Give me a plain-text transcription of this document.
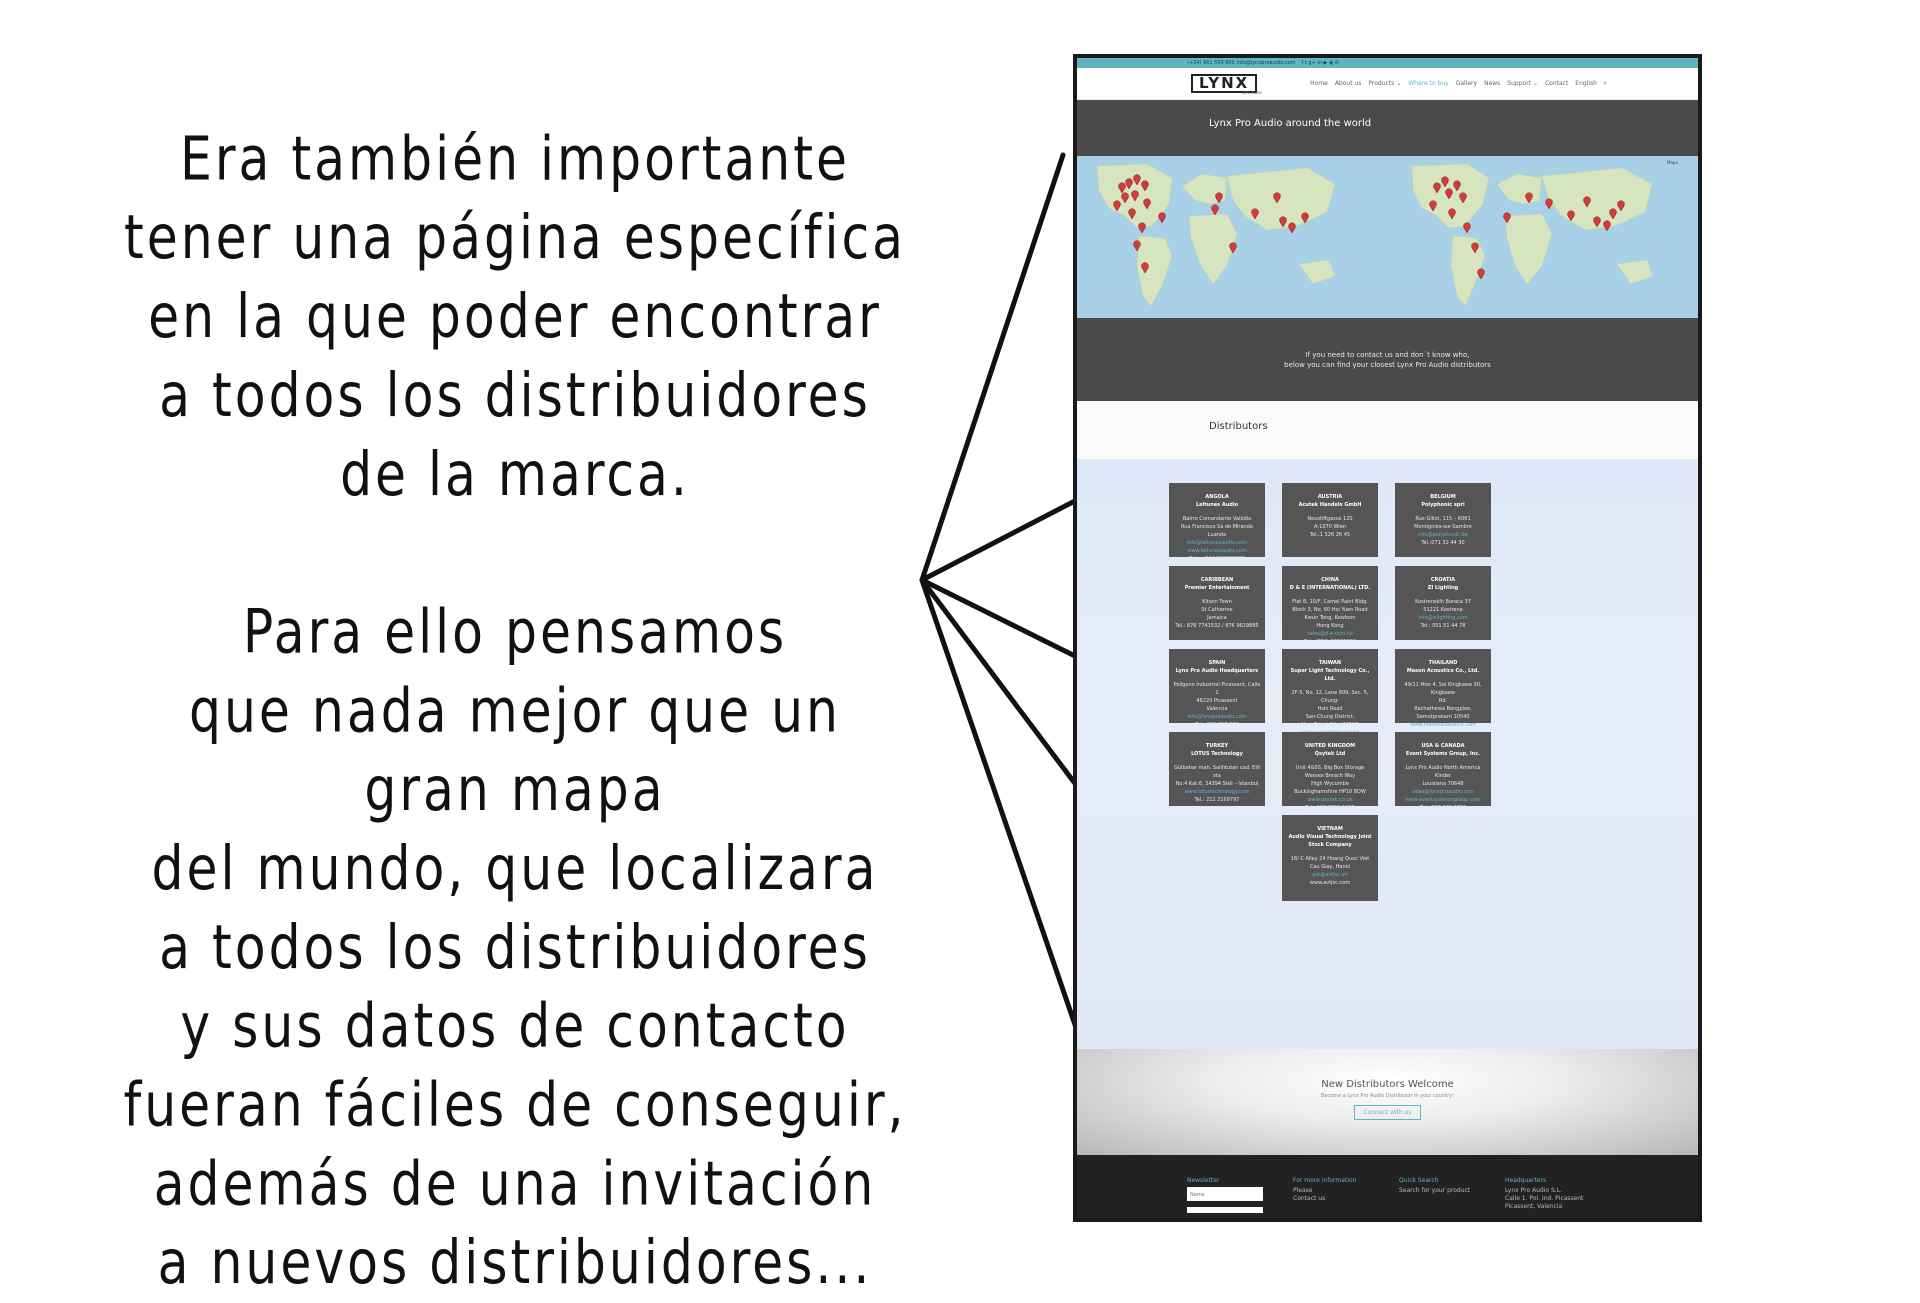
Era también importante
tener una página específica
en la que poder encontrar
a todos los distribuidores
de la marca.
Para ello pensamos
que nada mejor que un gran mapa
del mundo, que localizara
a todos los distribuidores
y sus datos de contacto
fueran fáciles de conseguir,
además de una invitación
a nuevos distribuidores...
(+34) 961 559 800 info@lynxproaudio.com f t g+ in ▶ ◉ ✉
LYNX
pro audio
Home About us Products ⌄ Where to buy Gallery News Support ⌄ Contact English ⌕
Lynx Pro Audio around the world
Mapa
If you need to contact us and don´t know who,
below you can find your closest Lynx Pro Audio distributors
Distributors
ANGOLA
Leitunes Audio
Bairro Comandante Valódia
Rua Francisco Sá de Miranda
Luanda
info@leitunesaudio.com
www.leitunesaudio.com
Tel.: +244 923308003
AUSTRIA
Acutek Handels GmbH
Neustiftgasse 120
A-1070 Wien
Tel.:1 526 26 45
BELGIUM
Polyphonic sprl
Rue Gillot, 115 – 6061
Montignies-sur-Sambre
info@polyphonic.be
Tel.:071 32 44 30
CARIBBEAN
Premier Entertainment
Kitson Town
St Catherine
Jamaica
Tel.: 876 7741532 / 876 9619885
CHINA
D & E (INTERNATIONAL) LTD.
Flat B, 10/F, Camel Paint Bldg.
Block 3, No. 60 Hoi Yuen Road
Kwun Tong, Kowloon
Hong Kong
sales@d-e.com.hk
Tel.: (852) 28988668
CROATIA
ZI Lighting
Kostrenskih Boraca 37
51221 Kostrena
info@zilighting.com
Tel.: 051 51 44 78
SPAIN
Lynx Pro Audio Headquarters
Polígono Industrial Picassent, Calle 1
46220 Picassent
Valencia
info@lynxproaudio.com
Tel.: 961 559 800
TAIWAN
Super Light Technology Co., Ltd.
2F-5, No. 12, Lane 609, Sec. 5, Chung-
Hsin Road
San-Chung District,
New Taipei City, 24159
THAILAND
Mason Acoustics Co., Ltd.
49/11 Moo 4, Soi Kingkaew 30, Kingkaew
Rd.
Rachathewa Bangplee,
Samutprakarn 10540
www.masonacoustics.com
TURKEY
LOTUS Technology
Gülbahar mah. Salihtutan cad. Elif sta
No:4 Kat:6, 34394 Sisli – Istanbul
www.lotustechnology.com
Tel.: 212 2169797
UNITED KINGDOM
Qsytek Ltd
Unit 4&5S, Big Box Storage
Wessex Breach Way
High Wycombe
Buckinghamshire HP10 8DW
www.qsytek.co.uk
Tel.: 020 7091 1225
USA & CANADA
Event Systems Group, Inc.
Lynx Pro Audio North America
Kinder
Louisiana 70648
sales@lynxproaudio.com
www.eventsystemsgroup.com
Tel.: 337 368 8701
VIETNAM
Audio Visual Technology Joint Stock Company
18/ C Alley 24 Hoang Quoc Viet
Cau Giay, Hanoi
avt@avtjsc.vn
www.avtjsc.com
New Distributors Welcome
Become a Lynx Pro Audio Distributor in your country!
Connect with us
Newsletter
Name
For more information
Please
Contact us
Quick Search
Search for your product
Headquarters
Lynx Pro Audio S.L.
Calle 1. Pol. Ind. Picassent
Picassent, Valencia
